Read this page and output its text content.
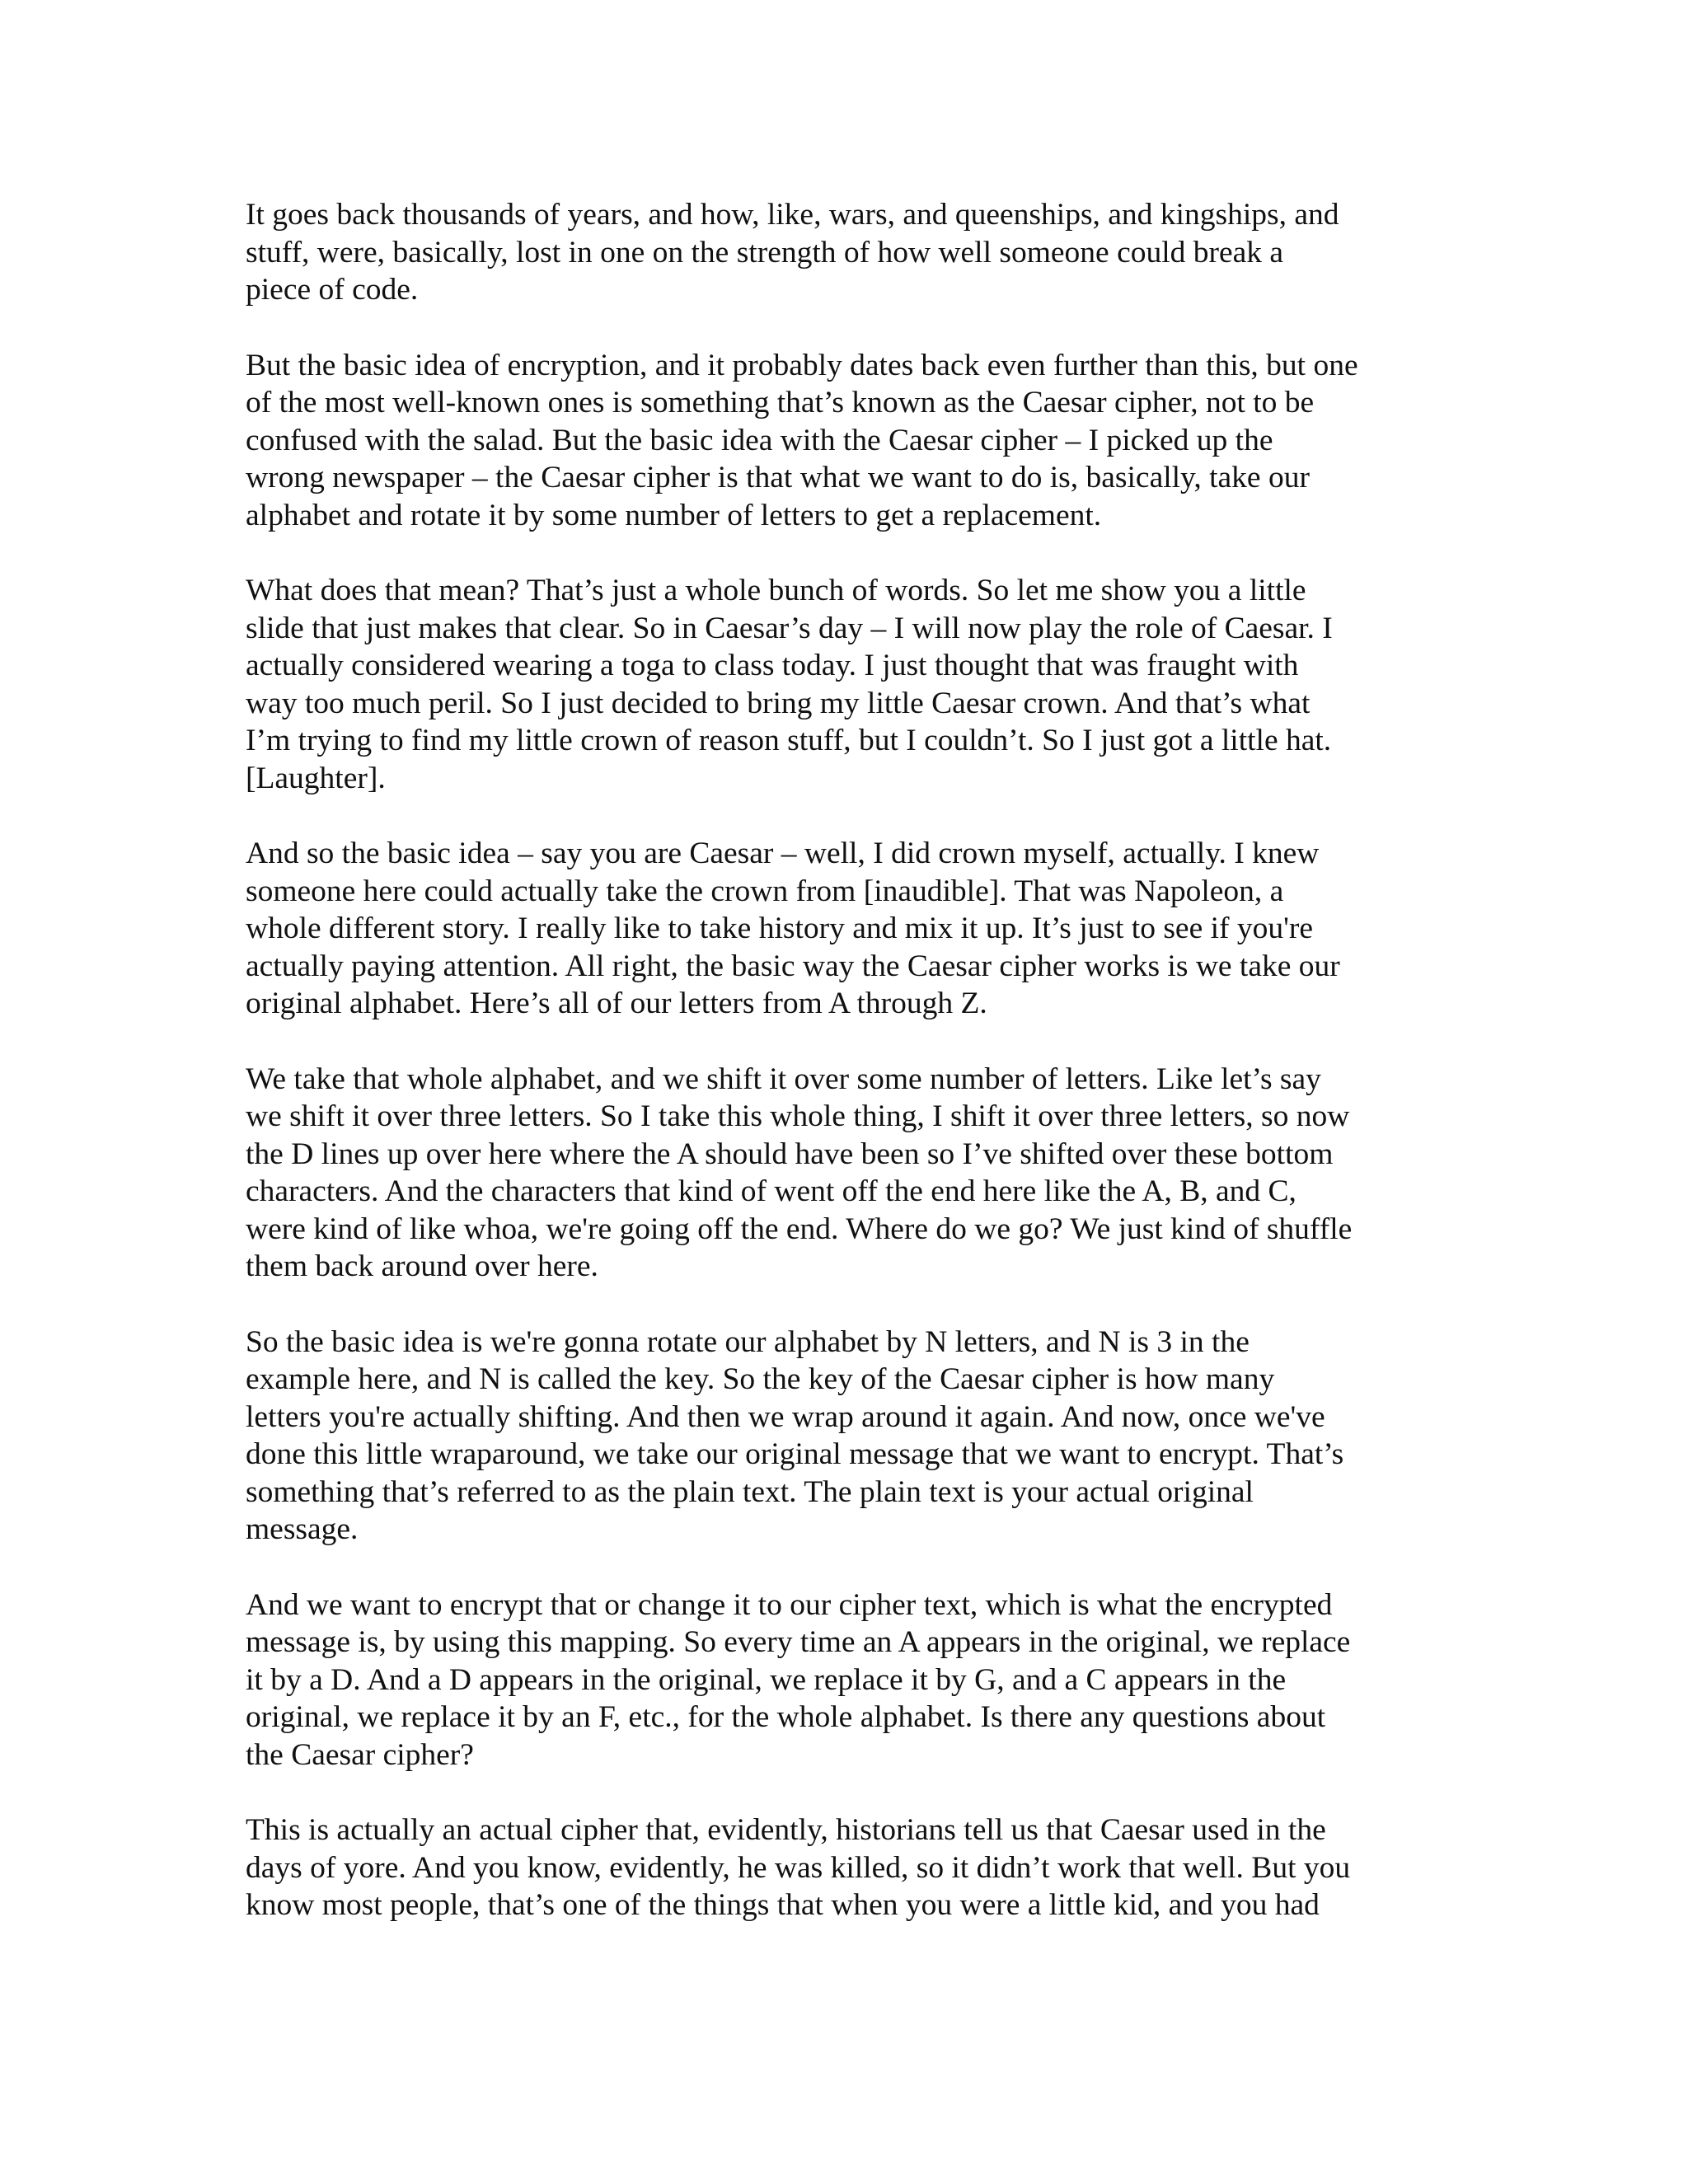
It goes back thousands of years, and how, like, wars, and queenships, and kingships, and
stuff, were, basically, lost in one on the strength of how well someone could break a
piece of code.
But the basic idea of encryption, and it probably dates back even further than this, but one
of the most well-known ones is something that’s known as the Caesar cipher, not to be
confused with the salad. But the basic idea with the Caesar cipher – I picked up the
wrong newspaper – the Caesar cipher is that what we want to do is, basically, take our
alphabet and rotate it by some number of letters to get a replacement.
What does that mean? That’s just a whole bunch of words. So let me show you a little
slide that just makes that clear. So in Caesar’s day – I will now play the role of Caesar. I
actually considered wearing a toga to class today. I just thought that was fraught with
way too much peril. So I just decided to bring my little Caesar crown. And that’s what
I’m trying to find my little crown of reason stuff, but I couldn’t. So I just got a little hat.
[Laughter].
And so the basic idea – say you are Caesar – well, I did crown myself, actually. I knew
someone here could actually take the crown from [inaudible]. That was Napoleon, a
whole different story. I really like to take history and mix it up. It’s just to see if you're
actually paying attention. All right, the basic way the Caesar cipher works is we take our
original alphabet. Here’s all of our letters from A through Z.
We take that whole alphabet, and we shift it over some number of letters. Like let’s say
we shift it over three letters. So I take this whole thing, I shift it over three letters, so now
the D lines up over here where the A should have been so I’ve shifted over these bottom
characters. And the characters that kind of went off the end here like the A, B, and C,
were kind of like whoa, we're going off the end. Where do we go? We just kind of shuffle
them back around over here.
So the basic idea is we're gonna rotate our alphabet by N letters, and N is 3 in the
example here, and N is called the key. So the key of the Caesar cipher is how many
letters you're actually shifting. And then we wrap around it again. And now, once we've
done this little wraparound, we take our original message that we want to encrypt. That’s
something that’s referred to as the plain text. The plain text is your actual original
message.
And we want to encrypt that or change it to our cipher text, which is what the encrypted
message is, by using this mapping. So every time an A appears in the original, we replace
it by a D. And a D appears in the original, we replace it by G, and a C appears in the
original, we replace it by an F, etc., for the whole alphabet. Is there any questions about
the Caesar cipher?
This is actually an actual cipher that, evidently, historians tell us that Caesar used in the
days of yore. And you know, evidently, he was killed, so it didn’t work that well. But you
know most people, that’s one of the things that when you were a little kid, and you had
